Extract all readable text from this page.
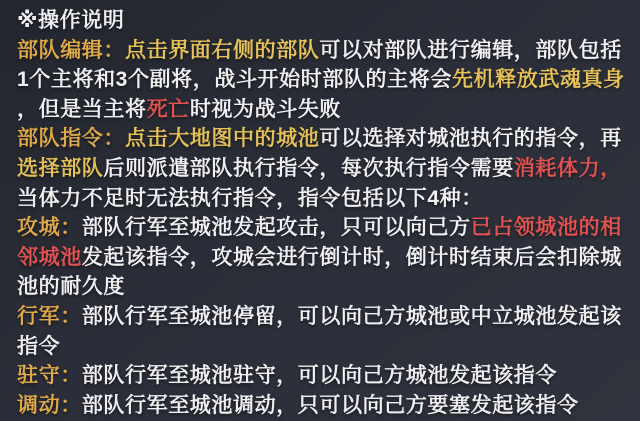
※操作说明
部队编辑：点击界面右侧的部队可以对部队进行编辑，部队包括
1个主将和3个副将，战斗开始时部队的主将会先机释放武魂真身
，但是当主将死亡时视为战斗失败
部队指令：点击大地图中的城池可以选择对城池执行的指令，再
选择部队后则派遣部队执行指令，每次执行指令需要消耗体力，
当体力不足时无法执行指令，指令包括以下4种：
攻城：部队行军至城池发起攻击，只可以向己方已占领城池的相
邻城池发起该指令，攻城会进行倒计时，倒计时结束后会扣除城
池的耐久度
行军：部队行军至城池停留，可以向己方城池或中立城池发起该
指令
驻守：部队行军至城池驻守，可以向己方城池发起该指令
调动：部队行军至城池调动，只可以向己方要塞发起该指令
